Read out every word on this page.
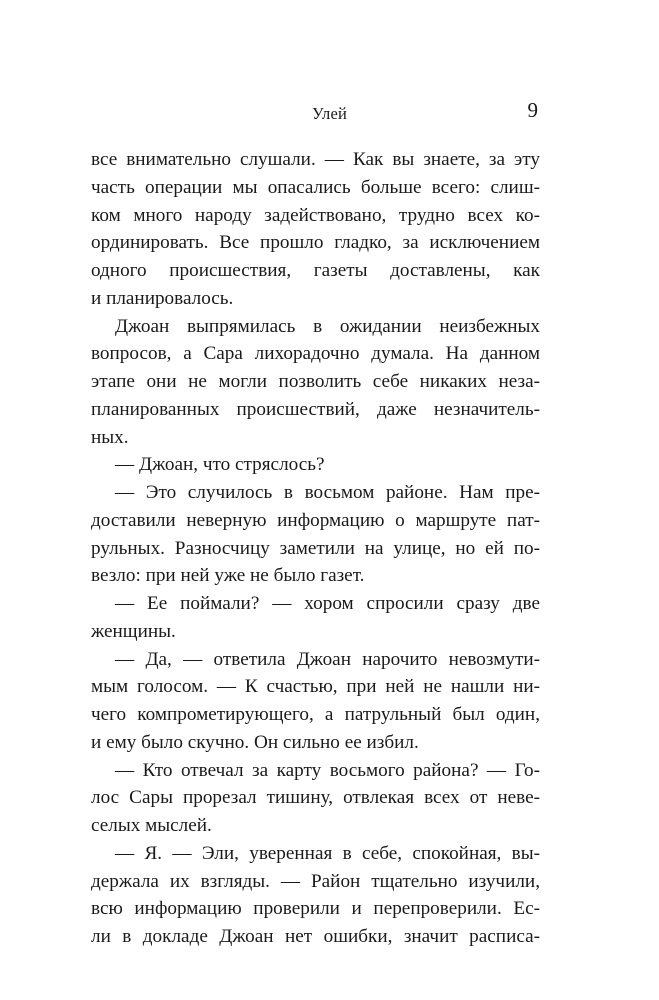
Улей	9
все внимательно слушали. — Как вы знаете, за эту
часть операции мы опасались больше всего: слиш-
ком много народу задействовано, трудно всех ко-
ординировать. Все прошло гладко, за исключением
одного происшествия, газеты доставлены, как
и планировалось.
Джоан выпрямилась в ожидании неизбежных
вопросов, а Сара лихорадочно думала. На данном
этапе они не могли позволить себе никаких неза-
планированных происшествий, даже незначитель-
ных.
— Джоан, что стряслось?
— Это случилось в восьмом районе. Нам пре-
доставили неверную информацию о маршруте пат-
рульных. Разносчицу заметили на улице, но ей по-
везло: при ней уже не было газет.
— Ее поймали? — хором спросили сразу две
женщины.
— Да, — ответила Джоан нарочито невозмути-
мым голосом. — К счастью, при ней не нашли ни-
чего компрометирующего, а патрульный был один,
и ему было скучно. Он сильно ее избил.
— Кто отвечал за карту восьмого района? — Го-
лос Сары прорезал тишину, отвлекая всех от неве-
селых мыслей.
— Я. — Эли, уверенная в себе, спокойная, вы-
держала их взгляды. — Район тщательно изучили,
всю информацию проверили и перепроверили. Ес-
ли в докладе Джоан нет ошибки, значит расписа-
